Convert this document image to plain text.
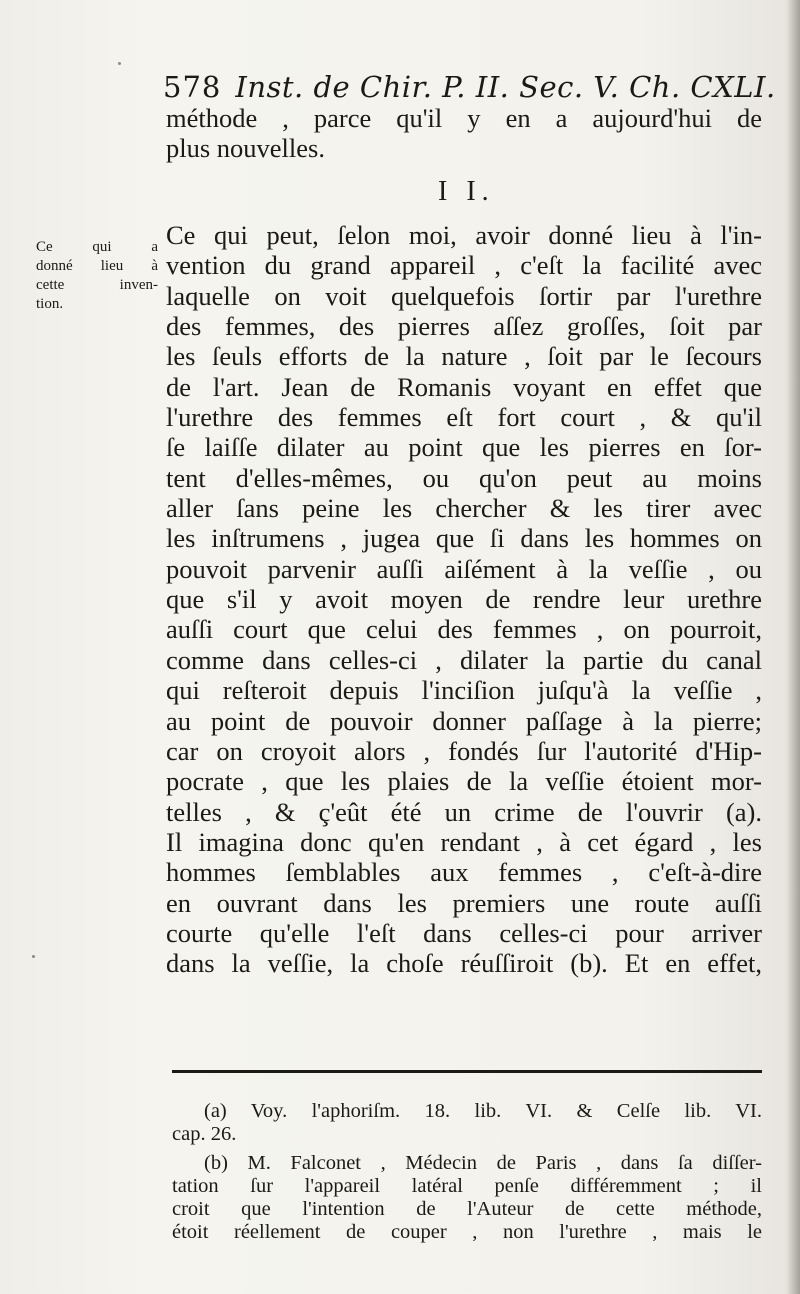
578 Inst. de Chir. P. II. Sec. V. Ch. CXLI.
méthode , parce qu'il y en a aujourd'hui de
plus nouvelles.
I I.
Ce qui a
donné lieu à
cette inven-
tion.
Ce qui peut, ſelon moi, avoir donné lieu à l'in-
vention du grand appareil , c'eſt la facilité avec
laquelle on voit quelquefois ſortir par l'urethre
des femmes, des pierres aſſez groſſes, ſoit par
les ſeuls efforts de la nature , ſoit par le ſecours
de l'art. Jean de Romanis voyant en effet que
l'urethre des femmes eſt fort court , & qu'il
ſe laiſſe dilater au point que les pierres en ſor-
tent d'elles-mêmes, ou qu'on peut au moins
aller ſans peine les chercher & les tirer avec
les inſtrumens , jugea que ſi dans les hommes on
pouvoit parvenir auſſi aiſément à la veſſie , ou
que s'il y avoit moyen de rendre leur urethre
auſſi court que celui des femmes , on pourroit,
comme dans celles-ci , dilater la partie du canal
qui reſteroit depuis l'inciſion juſqu'à la veſſie ,
au point de pouvoir donner paſſage à la pierre;
car on croyoit alors , fondés ſur l'autorité d'Hip-
pocrate , que les plaies de la veſſie étoient mor-
telles , & ç'eût été un crime de l'ouvrir (a).
Il imagina donc qu'en rendant , à cet égard , les
hommes ſemblables aux femmes , c'eſt-à-dire
en ouvrant dans les premiers une route auſſi
courte qu'elle l'eſt dans celles-ci pour arriver
dans la veſſie, la choſe réuſſiroit (b). Et en effet,
(a) Voy. l'aphoriſm. 18. lib. VI. & Celſe lib. VI.
cap. 26.
(b) M. Falconet , Médecin de Paris , dans ſa diſſer-
tation ſur l'appareil latéral penſe différemment ; il
croit que l'intention de l'Auteur de cette méthode,
étoit réellement de couper , non l'urethre , mais le
